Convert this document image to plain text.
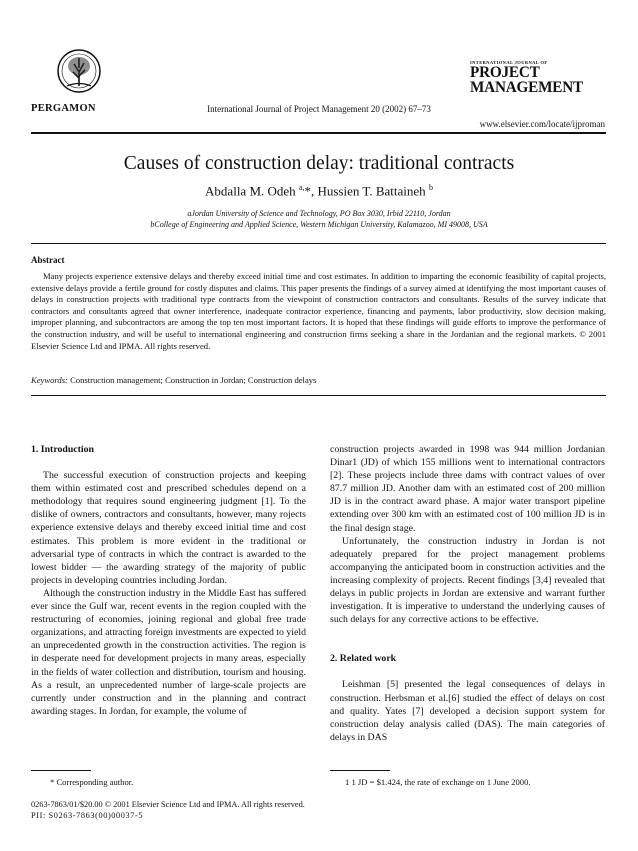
PERGAMON	International Journal of Project Management 20 (2002) 67–73
INTERNATIONAL JOURNAL OF
PROJECT
MANAGEMENT
www.elsevier.com/locate/ijproman
Causes of construction delay: traditional contracts
Abdalla M. Odeh $^{a,}$*, Hussien T. Battaineh $^b$
aJordan University of Science and Technology, PO Box 3030, Irbid 22110, Jordan
bCollege of Engineering and Applied Science, Western Michigan University, Kalamazoo, MI 49008, USA
Abstract
Many projects experience extensive delays and thereby exceed initial time and cost estimates. In addition to imparting the economic feasibility of capital projects, extensive delays provide a fertile ground for costly disputes and claims. This paper presents the findings of a survey aimed at identifying the most important causes of delays in construction projects with traditional type contracts from the viewpoint of construction contractors and consultants. Results of the survey indicate that contractors and consultants agreed that owner interference, inadequate contractor experience, financing and payments, labor productivity, slow decision making, improper planning, and subcontractors are among the top ten most important factors. It is hoped that these findings will guide efforts to improve the performance of the construction industry, and will be useful to international engineering and construction firms seeking a share in the Jordanian and the regional markets. © 2001 Elsevier Science Ltd and IPMA. All rights reserved.
Keywords: Construction management; Construction in Jordan; Construction delays
1. Introduction

The successful execution of construction projects and keeping them within estimated cost and prescribed schedules depend on a methodology that requires sound engineering judgment [1]. To the dislike of owners, contractors and consultants, however, many rojects experience extensive delays and thereby exceed initial time and cost estimates. This problem is more evident in the traditional or adversarial type of contracts in which the contract is awarded to the lowest bidder — the awarding strategy of the majority of public projects in developing countries including Jordan.

Although the construction industry in the Middle East has suffered ever since the Gulf war, recent events in the region coupled with the restructuring of economies, joining regional and global free trade organizations, and attracting foreign investments are expected to yield an unprecedented growth in the construction activities. The region is in desperate need for development projects in many areas, especially in the fields of water collection and distribution, tourism and housing. As a result, an unprecedented number of large-scale projects are currently under construction and in the planning and contract awarding stages. In Jordan, for example, the volume of

construction projects awarded in 1998 was 944 million Jordanian Dinar1 (JD) of which 155 millions went to international contractors [2]. These projects include three dams with contract values of over 87.7 million JD. Another dam with an estimated cost of 200 million JD is in the contract award phase. A major water transport pipeline extending over 300 km with an estimated cost of 100 million JD is in the final design stage.

Unfortunately, the construction industry in Jordan is not adequately prepared for the project management problems accompanying the anticipated boom in construction activities and the increasing complexity of projects. Recent findings [3,4] revealed that delays in public projects in Jordan are extensive and warrant further investigation. It is imperative to understand the underlying causes of such delays for any corrective actions to be effective.

2. Related work

Leishman [5] presented the legal consequences of delays in construction. Herbsman et al.[6] studied the effect of delays on cost and quality. Yates [7] developed a decision support system for construction delay analysis called (DAS). The main categories of delays in DAS

* Corresponding author.	1 1 JD = $1.424, the rate of exchange on 1 June 2000.
0263-7863/01/$20.00 © 2001 Elsevier Science Ltd and IPMA. All rights reserved.
PII: S0263-7863(00)00037-5
